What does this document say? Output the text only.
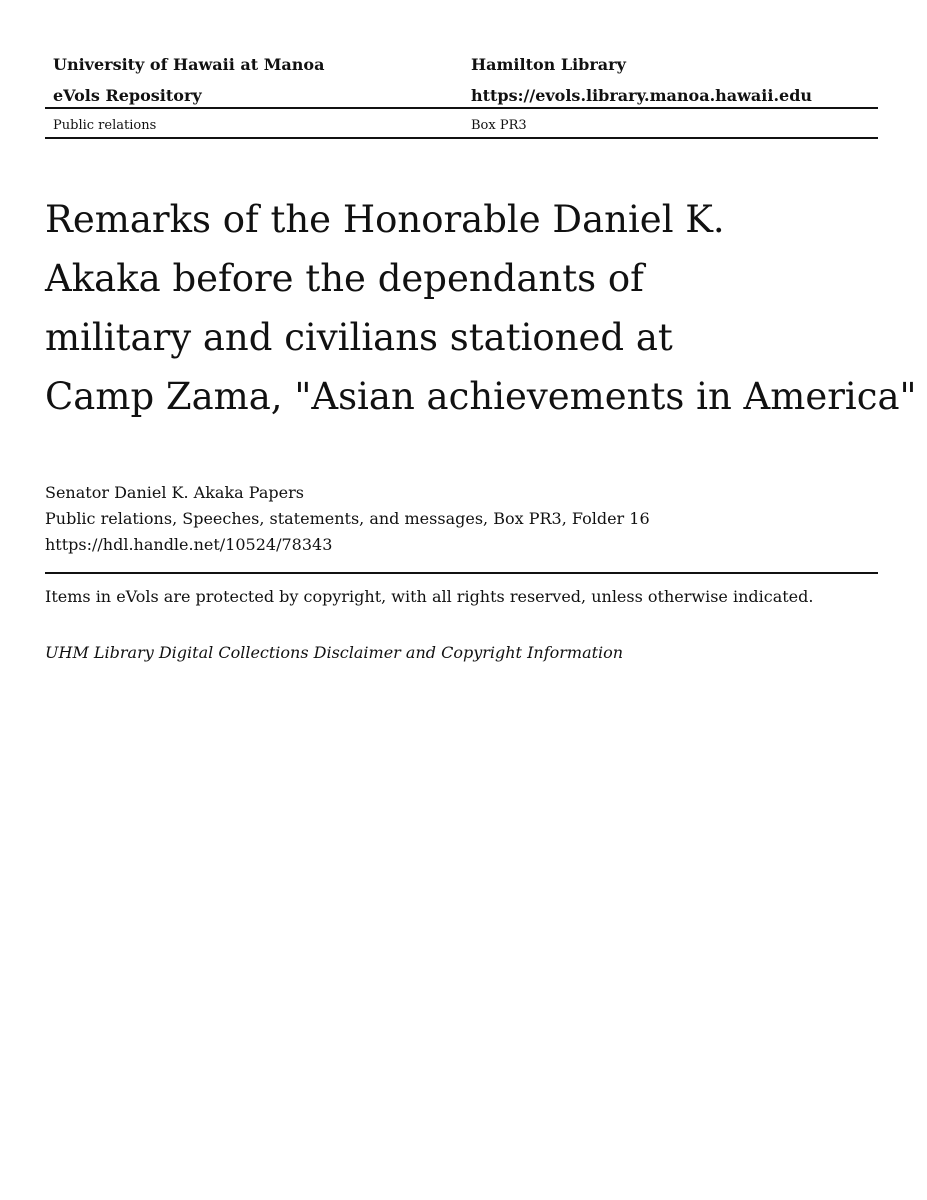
University of Hawaii at Manoa	Hamilton Library
eVols Repository	https://evols.library.manoa.hawaii.edu
Public relations	Box PR3
Remarks of the Honorable Daniel K.
Akaka before the dependants of
military and civilians stationed at
Camp Zama, "Asian achievements in America"
Senator Daniel K. Akaka Papers
Public relations, Speeches, statements, and messages, Box PR3, Folder 16
https://hdl.handle.net/10524/78343
Items in eVols are protected by copyright, with all rights reserved, unless otherwise indicated.
UHM Library Digital Collections Disclaimer and Copyright Information
